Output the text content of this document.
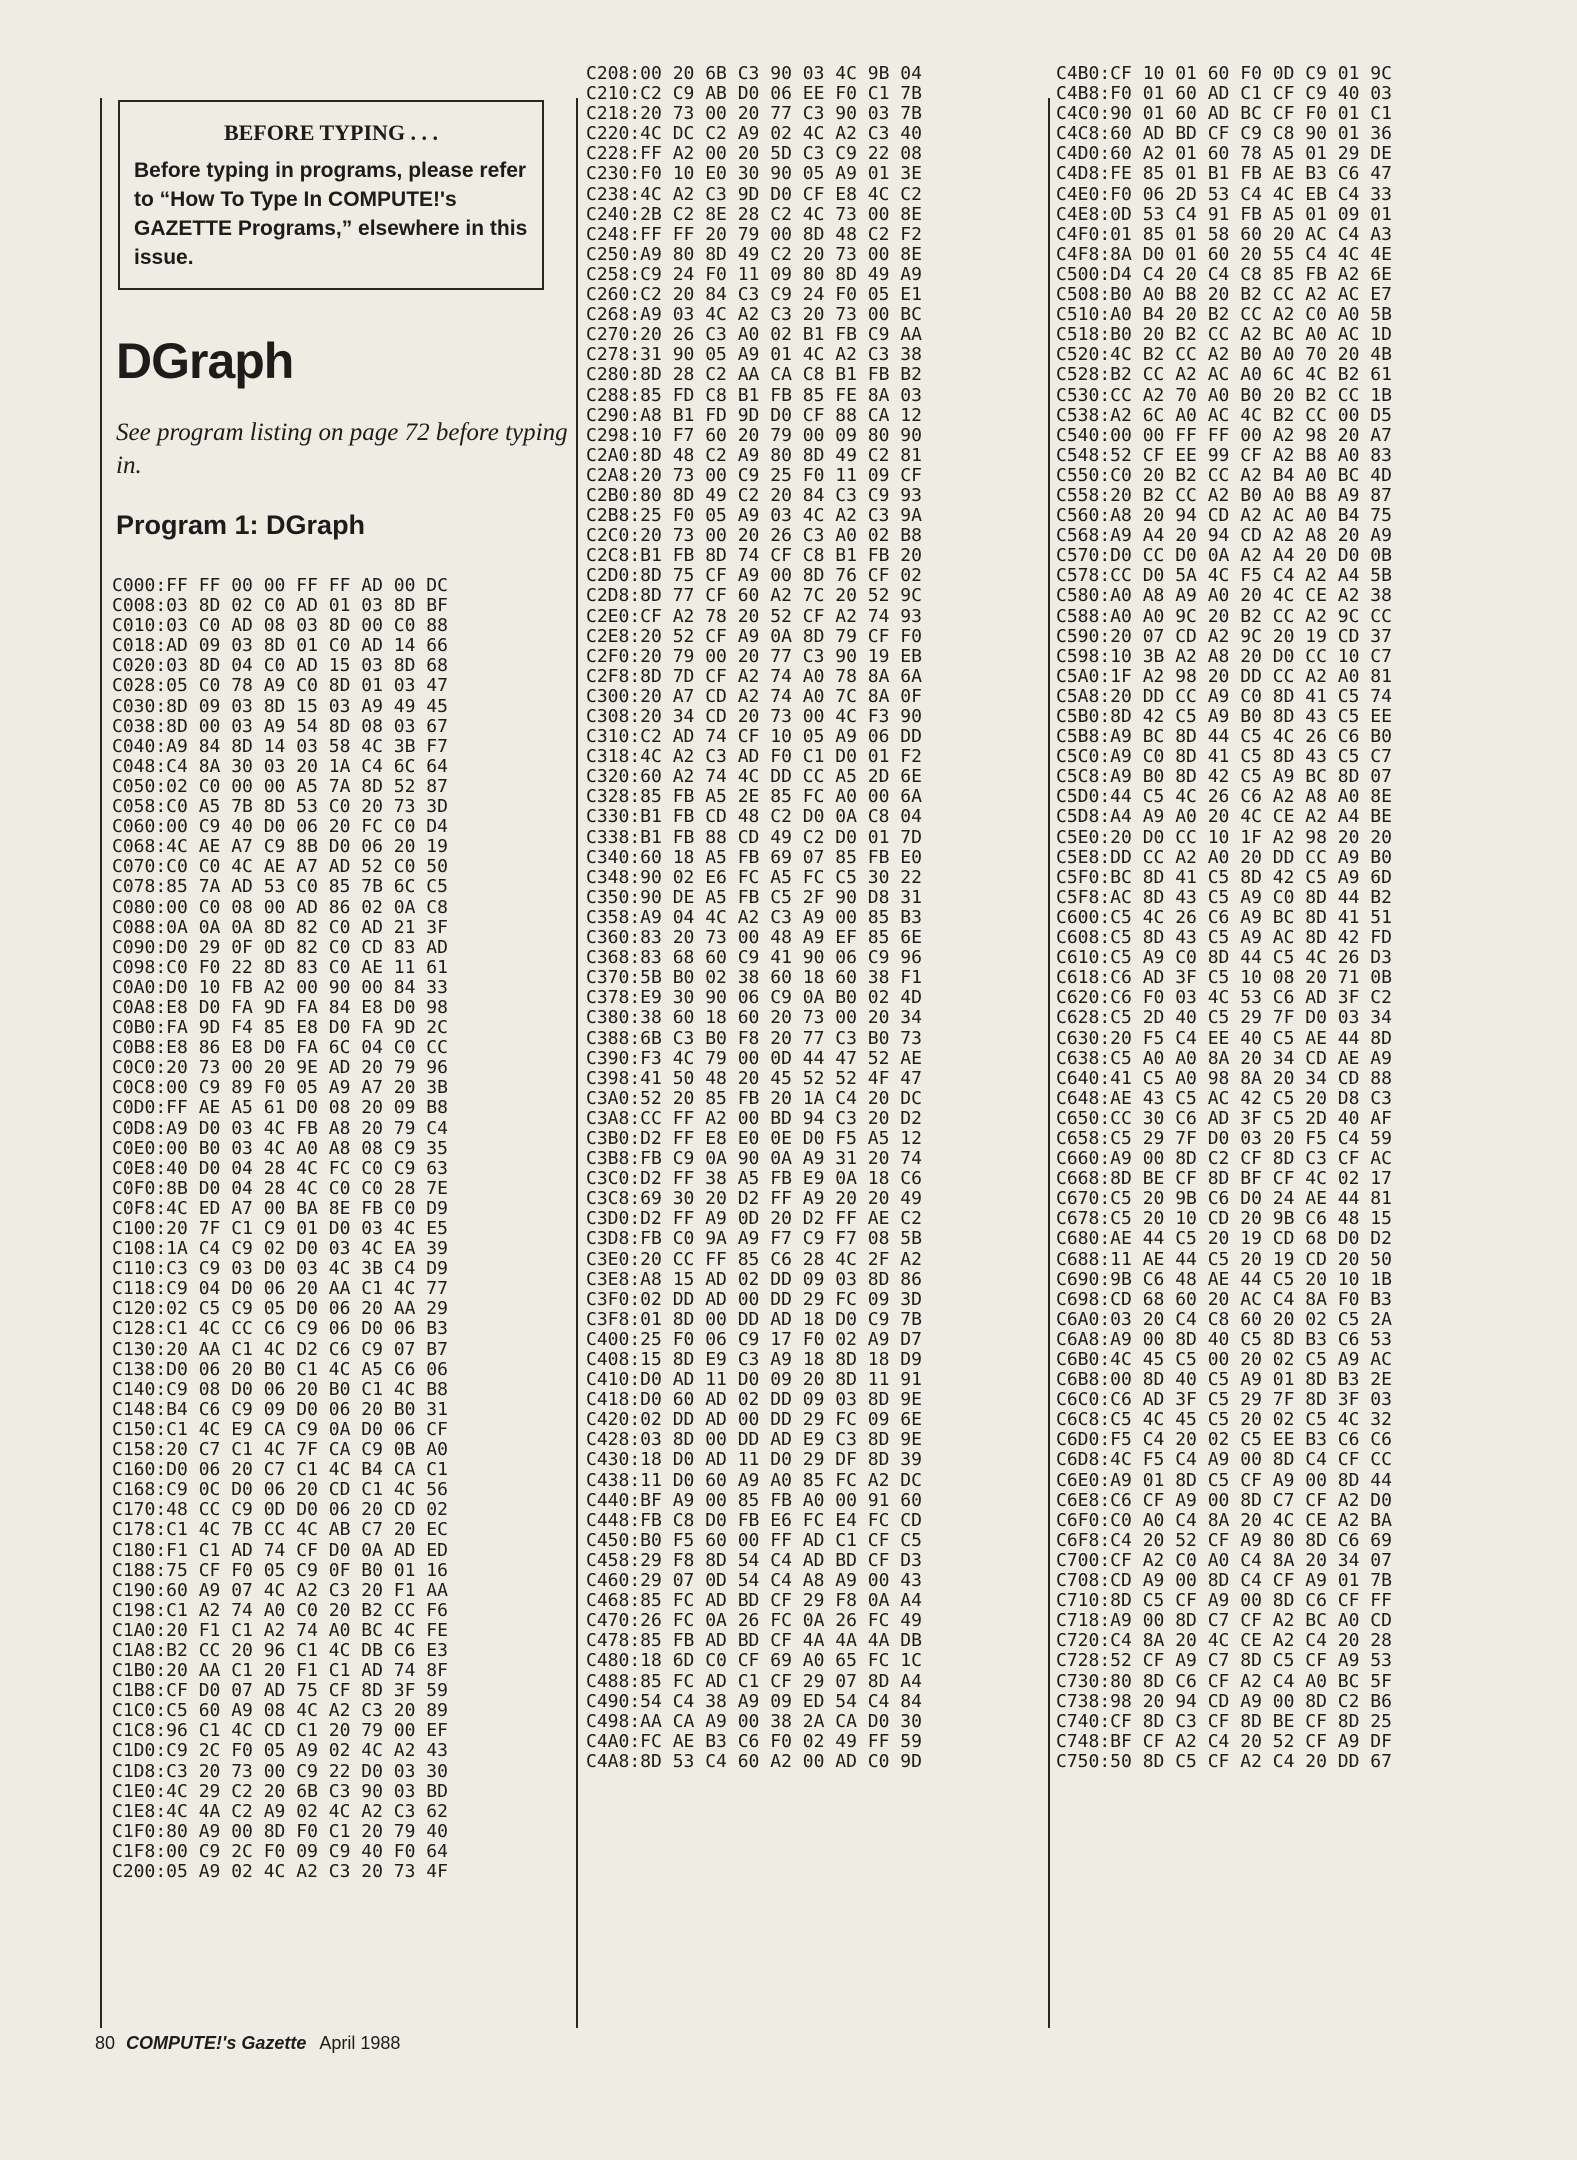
BEFORE TYPING . . .
Before typing in programs, please refer to “How To Type In COMPUTE!'s GAZETTE Programs,” elsewhere in this issue.
DGraph
See program listing on page 72 before typing in.
Program 1: DGraph
C000:FF FF 00 00 FF FF AD 00 DC
C008:03 8D 02 C0 AD 01 03 8D BF
C010:03 C0 AD 08 03 8D 00 C0 88
C018:AD 09 03 8D 01 C0 AD 14 66
C020:03 8D 04 C0 AD 15 03 8D 68
C028:05 C0 78 A9 C0 8D 01 03 47
C030:8D 09 03 8D 15 03 A9 49 45
C038:8D 00 03 A9 54 8D 08 03 67
C040:A9 84 8D 14 03 58 4C 3B F7
C048:C4 8A 30 03 20 1A C4 6C 64
C050:02 C0 00 00 A5 7A 8D 52 87
C058:C0 A5 7B 8D 53 C0 20 73 3D
C060:00 C9 40 D0 06 20 FC C0 D4
C068:4C AE A7 C9 8B D0 06 20 19
C070:C0 C0 4C AE A7 AD 52 C0 50
C078:85 7A AD 53 C0 85 7B 6C C5
C080:00 C0 08 00 AD 86 02 0A C8
C088:0A 0A 0A 8D 82 C0 AD 21 3F
C090:D0 29 0F 0D 82 C0 CD 83 AD
C098:C0 F0 22 8D 83 C0 AE 11 61
C0A0:D0 10 FB A2 00 90 00 84 33
C0A8:E8 D0 FA 9D FA 84 E8 D0 98
C0B0:FA 9D F4 85 E8 D0 FA 9D 2C
C0B8:E8 86 E8 D0 FA 6C 04 C0 CC
C0C0:20 73 00 20 9E AD 20 79 96
C0C8:00 C9 89 F0 05 A9 A7 20 3B
C0D0:FF AE A5 61 D0 08 20 09 B8
C0D8:A9 D0 03 4C FB A8 20 79 C4
C0E0:00 B0 03 4C A0 A8 08 C9 35
C0E8:40 D0 04 28 4C FC C0 C9 63
C0F0:8B D0 04 28 4C C0 C0 28 7E
C0F8:4C ED A7 00 BA 8E FB C0 D9
C100:20 7F C1 C9 01 D0 03 4C E5
C108:1A C4 C9 02 D0 03 4C EA 39
C110:C3 C9 03 D0 03 4C 3B C4 D9
C118:C9 04 D0 06 20 AA C1 4C 77
C120:02 C5 C9 05 D0 06 20 AA 29
C128:C1 4C CC C6 C9 06 D0 06 B3
C130:20 AA C1 4C D2 C6 C9 07 B7
C138:D0 06 20 B0 C1 4C A5 C6 06
C140:C9 08 D0 06 20 B0 C1 4C B8
C148:B4 C6 C9 09 D0 06 20 B0 31
C150:C1 4C E9 CA C9 0A D0 06 CF
C158:20 C7 C1 4C 7F CA C9 0B A0
C160:D0 06 20 C7 C1 4C B4 CA C1
C168:C9 0C D0 06 20 CD C1 4C 56
C170:48 CC C9 0D D0 06 20 CD 02
C178:C1 4C 7B CC 4C AB C7 20 EC
C180:F1 C1 AD 74 CF D0 0A AD ED
C188:75 CF F0 05 C9 0F B0 01 16
C190:60 A9 07 4C A2 C3 20 F1 AA
C198:C1 A2 74 A0 C0 20 B2 CC F6
C1A0:20 F1 C1 A2 74 A0 BC 4C FE
C1A8:B2 CC 20 96 C1 4C DB C6 E3
C1B0:20 AA C1 20 F1 C1 AD 74 8F
C1B8:CF D0 07 AD 75 CF 8D 3F 59
C1C0:C5 60 A9 08 4C A2 C3 20 89
C1C8:96 C1 4C CD C1 20 79 00 EF
C1D0:C9 2C F0 05 A9 02 4C A2 43
C1D8:C3 20 73 00 C9 22 D0 03 30
C1E0:4C 29 C2 20 6B C3 90 03 BD
C1E8:4C 4A C2 A9 02 4C A2 C3 62
C1F0:80 A9 00 8D F0 C1 20 79 40
C1F8:00 C9 2C F0 09 C9 40 F0 64
C200:05 A9 02 4C A2 C3 20 73 4F
C208:00 20 6B C3 90 03 4C 9B 04
C210:C2 C9 AB D0 06 EE F0 C1 7B
C218:20 73 00 20 77 C3 90 03 7B
C220:4C DC C2 A9 02 4C A2 C3 40
C228:FF A2 00 20 5D C3 C9 22 08
C230:F0 10 E0 30 90 05 A9 01 3E
C238:4C A2 C3 9D D0 CF E8 4C C2
C240:2B C2 8E 28 C2 4C 73 00 8E
C248:FF FF 20 79 00 8D 48 C2 F2
C250:A9 80 8D 49 C2 20 73 00 8E
C258:C9 24 F0 11 09 80 8D 49 A9
C260:C2 20 84 C3 C9 24 F0 05 E1
C268:A9 03 4C A2 C3 20 73 00 BC
C270:20 26 C3 A0 02 B1 FB C9 AA
C278:31 90 05 A9 01 4C A2 C3 38
C280:8D 28 C2 AA CA C8 B1 FB B2
C288:85 FD C8 B1 FB 85 FE 8A 03
C290:A8 B1 FD 9D D0 CF 88 CA 12
C298:10 F7 60 20 79 00 09 80 90
C2A0:8D 48 C2 A9 80 8D 49 C2 81
C2A8:20 73 00 C9 25 F0 11 09 CF
C2B0:80 8D 49 C2 20 84 C3 C9 93
C2B8:25 F0 05 A9 03 4C A2 C3 9A
C2C0:20 73 00 20 26 C3 A0 02 B8
C2C8:B1 FB 8D 74 CF C8 B1 FB 20
C2D0:8D 75 CF A9 00 8D 76 CF 02
C2D8:8D 77 CF 60 A2 7C 20 52 9C
C2E0:CF A2 78 20 52 CF A2 74 93
C2E8:20 52 CF A9 0A 8D 79 CF F0
C2F0:20 79 00 20 77 C3 90 19 EB
C2F8:8D 7D CF A2 74 A0 78 8A 6A
C300:20 A7 CD A2 74 A0 7C 8A 0F
C308:20 34 CD 20 73 00 4C F3 90
C310:C2 AD 74 CF 10 05 A9 06 DD
C318:4C A2 C3 AD F0 C1 D0 01 F2
C320:60 A2 74 4C DD CC A5 2D 6E
C328:85 FB A5 2E 85 FC A0 00 6A
C330:B1 FB CD 48 C2 D0 0A C8 04
C338:B1 FB 88 CD 49 C2 D0 01 7D
C340:60 18 A5 FB 69 07 85 FB E0
C348:90 02 E6 FC A5 FC C5 30 22
C350:90 DE A5 FB C5 2F 90 D8 31
C358:A9 04 4C A2 C3 A9 00 85 B3
C360:83 20 73 00 48 A9 EF 85 6E
C368:83 68 60 C9 41 90 06 C9 96
C370:5B B0 02 38 60 18 60 38 F1
C378:E9 30 90 06 C9 0A B0 02 4D
C380:38 60 18 60 20 73 00 20 34
C388:6B C3 B0 F8 20 77 C3 B0 73
C390:F3 4C 79 00 0D 44 47 52 AE
C398:41 50 48 20 45 52 52 4F 47
C3A0:52 20 85 FB 20 1A C4 20 DC
C3A8:CC FF A2 00 BD 94 C3 20 D2
C3B0:D2 FF E8 E0 0E D0 F5 A5 12
C3B8:FB C9 0A 90 0A A9 31 20 74
C3C0:D2 FF 38 A5 FB E9 0A 18 C6
C3C8:69 30 20 D2 FF A9 20 20 49
C3D0:D2 FF A9 0D 20 D2 FF AE C2
C3D8:FB C0 9A A9 F7 C9 F7 08 5B
C3E0:20 CC FF 85 C6 28 4C 2F A2
C3E8:A8 15 AD 02 DD 09 03 8D 86
C3F0:02 DD AD 00 DD 29 FC 09 3D
C3F8:01 8D 00 DD AD 18 D0 C9 7B
C400:25 F0 06 C9 17 F0 02 A9 D7
C408:15 8D E9 C3 A9 18 8D 18 D9
C410:D0 AD 11 D0 09 20 8D 11 91
C418:D0 60 AD 02 DD 09 03 8D 9E
C420:02 DD AD 00 DD 29 FC 09 6E
C428:03 8D 00 DD AD E9 C3 8D 9E
C430:18 D0 AD 11 D0 29 DF 8D 39
C438:11 D0 60 A9 A0 85 FC A2 DC
C440:BF A9 00 85 FB A0 00 91 60
C448:FB C8 D0 FB E6 FC E4 FC CD
C450:B0 F5 60 00 FF AD C1 CF C5
C458:29 F8 8D 54 C4 AD BD CF D3
C460:29 07 0D 54 C4 A8 A9 00 43
C468:85 FC AD BD CF 29 F8 0A A4
C470:26 FC 0A 26 FC 0A 26 FC 49
C478:85 FB AD BD CF 4A 4A 4A DB
C480:18 6D C0 CF 69 A0 65 FC 1C
C488:85 FC AD C1 CF 29 07 8D A4
C490:54 C4 38 A9 09 ED 54 C4 84
C498:AA CA A9 00 38 2A CA D0 30
C4A0:FC AE B3 C6 F0 02 49 FF 59
C4A8:8D 53 C4 60 A2 00 AD C0 9D
C4B0:CF 10 01 60 F0 0D C9 01 9C
C4B8:F0 01 60 AD C1 CF C9 40 03
C4C0:90 01 60 AD BC CF F0 01 C1
C4C8:60 AD BD CF C9 C8 90 01 36
C4D0:60 A2 01 60 78 A5 01 29 DE
C4D8:FE 85 01 B1 FB AE B3 C6 47
C4E0:F0 06 2D 53 C4 4C EB C4 33
C4E8:0D 53 C4 91 FB A5 01 09 01
C4F0:01 85 01 58 60 20 AC C4 A3
C4F8:8A D0 01 60 20 55 C4 4C 4E
C500:D4 C4 20 C4 C8 85 FB A2 6E
C508:B0 A0 B8 20 B2 CC A2 AC E7
C510:A0 B4 20 B2 CC A2 C0 A0 5B
C518:B0 20 B2 CC A2 BC A0 AC 1D
C520:4C B2 CC A2 B0 A0 70 20 4B
C528:B2 CC A2 AC A0 6C 4C B2 61
C530:CC A2 70 A0 B0 20 B2 CC 1B
C538:A2 6C A0 AC 4C B2 CC 00 D5
C540:00 00 FF FF 00 A2 98 20 A7
C548:52 CF EE 99 CF A2 B8 A0 83
C550:C0 20 B2 CC A2 B4 A0 BC 4D
C558:20 B2 CC A2 B0 A0 B8 A9 87
C560:A8 20 94 CD A2 AC A0 B4 75
C568:A9 A4 20 94 CD A2 A8 20 A9
C570:D0 CC D0 0A A2 A4 20 D0 0B
C578:CC D0 5A 4C F5 C4 A2 A4 5B
C580:A0 A8 A9 A0 20 4C CE A2 38
C588:A0 A0 9C 20 B2 CC A2 9C CC
C590:20 07 CD A2 9C 20 19 CD 37
C598:10 3B A2 A8 20 D0 CC 10 C7
C5A0:1F A2 98 20 DD CC A2 A0 81
C5A8:20 DD CC A9 C0 8D 41 C5 74
C5B0:8D 42 C5 A9 B0 8D 43 C5 EE
C5B8:A9 BC 8D 44 C5 4C 26 C6 B0
C5C0:A9 C0 8D 41 C5 8D 43 C5 C7
C5C8:A9 B0 8D 42 C5 A9 BC 8D 07
C5D0:44 C5 4C 26 C6 A2 A8 A0 8E
C5D8:A4 A9 A0 20 4C CE A2 A4 BE
C5E0:20 D0 CC 10 1F A2 98 20 20
C5E8:DD CC A2 A0 20 DD CC A9 B0
C5F0:BC 8D 41 C5 8D 42 C5 A9 6D
C5F8:AC 8D 43 C5 A9 C0 8D 44 B2
C600:C5 4C 26 C6 A9 BC 8D 41 51
C608:C5 8D 43 C5 A9 AC 8D 42 FD
C610:C5 A9 C0 8D 44 C5 4C 26 D3
C618:C6 AD 3F C5 10 08 20 71 0B
C620:C6 F0 03 4C 53 C6 AD 3F C2
C628:C5 2D 40 C5 29 7F D0 03 34
C630:20 F5 C4 EE 40 C5 AE 44 8D
C638:C5 A0 A0 8A 20 34 CD AE A9
C640:41 C5 A0 98 8A 20 34 CD 88
C648:AE 43 C5 AC 42 C5 20 D8 C3
C650:CC 30 C6 AD 3F C5 2D 40 AF
C658:C5 29 7F D0 03 20 F5 C4 59
C660:A9 00 8D C2 CF 8D C3 CF AC
C668:8D BE CF 8D BF CF 4C 02 17
C670:C5 20 9B C6 D0 24 AE 44 81
C678:C5 20 10 CD 20 9B C6 48 15
C680:AE 44 C5 20 19 CD 68 D0 D2
C688:11 AE 44 C5 20 19 CD 20 50
C690:9B C6 48 AE 44 C5 20 10 1B
C698:CD 68 60 20 AC C4 8A F0 B3
C6A0:03 20 C4 C8 60 20 02 C5 2A
C6A8:A9 00 8D 40 C5 8D B3 C6 53
C6B0:4C 45 C5 00 20 02 C5 A9 AC
C6B8:00 8D 40 C5 A9 01 8D B3 2E
C6C0:C6 AD 3F C5 29 7F 8D 3F 03
C6C8:C5 4C 45 C5 20 02 C5 4C 32
C6D0:F5 C4 20 02 C5 EE B3 C6 C6
C6D8:4C F5 C4 A9 00 8D C4 CF CC
C6E0:A9 01 8D C5 CF A9 00 8D 44
C6E8:C6 CF A9 00 8D C7 CF A2 D0
C6F0:C0 A0 C4 8A 20 4C CE A2 BA
C6F8:C4 20 52 CF A9 80 8D C6 69
C700:CF A2 C0 A0 C4 8A 20 34 07
C708:CD A9 00 8D C4 CF A9 01 7B
C710:8D C5 CF A9 00 8D C6 CF FF
C718:A9 00 8D C7 CF A2 BC A0 CD
C720:C4 8A 20 4C CE A2 C4 20 28
C728:52 CF A9 C7 8D C5 CF A9 53
C730:80 8D C6 CF A2 C4 A0 BC 5F
C738:98 20 94 CD A9 00 8D C2 B6
C740:CF 8D C3 CF 8D BE CF 8D 25
C748:BF CF A2 C4 20 52 CF A9 DF
C750:50 8D C5 CF A2 C4 20 DD 67
80 COMPUTE!'s Gazette April 1988
